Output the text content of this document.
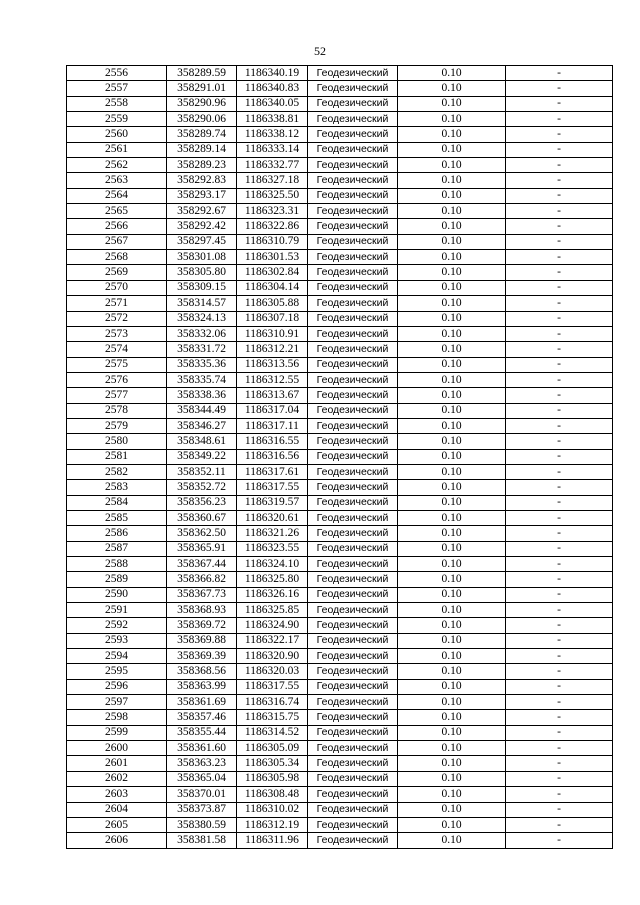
52
2556	358289.59	1186340.19	Геодезический	0.10	-
2557	358291.01	1186340.83	Геодезический	0.10	-
2558	358290.96	1186340.05	Геодезический	0.10	-
2559	358290.06	1186338.81	Геодезический	0.10	-
2560	358289.74	1186338.12	Геодезический	0.10	-
2561	358289.14	1186333.14	Геодезический	0.10	-
2562	358289.23	1186332.77	Геодезический	0.10	-
2563	358292.83	1186327.18	Геодезический	0.10	-
2564	358293.17	1186325.50	Геодезический	0.10	-
2565	358292.67	1186323.31	Геодезический	0.10	-
2566	358292.42	1186322.86	Геодезический	0.10	-
2567	358297.45	1186310.79	Геодезический	0.10	-
2568	358301.08	1186301.53	Геодезический	0.10	-
2569	358305.80	1186302.84	Геодезический	0.10	-
2570	358309.15	1186304.14	Геодезический	0.10	-
2571	358314.57	1186305.88	Геодезический	0.10	-
2572	358324.13	1186307.18	Геодезический	0.10	-
2573	358332.06	1186310.91	Геодезический	0.10	-
2574	358331.72	1186312.21	Геодезический	0.10	-
2575	358335.36	1186313.56	Геодезический	0.10	-
2576	358335.74	1186312.55	Геодезический	0.10	-
2577	358338.36	1186313.67	Геодезический	0.10	-
2578	358344.49	1186317.04	Геодезический	0.10	-
2579	358346.27	1186317.11	Геодезический	0.10	-
2580	358348.61	1186316.55	Геодезический	0.10	-
2581	358349.22	1186316.56	Геодезический	0.10	-
2582	358352.11	1186317.61	Геодезический	0.10	-
2583	358352.72	1186317.55	Геодезический	0.10	-
2584	358356.23	1186319.57	Геодезический	0.10	-
2585	358360.67	1186320.61	Геодезический	0.10	-
2586	358362.50	1186321.26	Геодезический	0.10	-
2587	358365.91	1186323.55	Геодезический	0.10	-
2588	358367.44	1186324.10	Геодезический	0.10	-
2589	358366.82	1186325.80	Геодезический	0.10	-
2590	358367.73	1186326.16	Геодезический	0.10	-
2591	358368.93	1186325.85	Геодезический	0.10	-
2592	358369.72	1186324.90	Геодезический	0.10	-
2593	358369.88	1186322.17	Геодезический	0.10	-
2594	358369.39	1186320.90	Геодезический	0.10	-
2595	358368.56	1186320.03	Геодезический	0.10	-
2596	358363.99	1186317.55	Геодезический	0.10	-
2597	358361.69	1186316.74	Геодезический	0.10	-
2598	358357.46	1186315.75	Геодезический	0.10	-
2599	358355.44	1186314.52	Геодезический	0.10	-
2600	358361.60	1186305.09	Геодезический	0.10	-
2601	358363.23	1186305.34	Геодезический	0.10	-
2602	358365.04	1186305.98	Геодезический	0.10	-
2603	358370.01	1186308.48	Геодезический	0.10	-
2604	358373.87	1186310.02	Геодезический	0.10	-
2605	358380.59	1186312.19	Геодезический	0.10	-
2606	358381.58	1186311.96	Геодезический	0.10	-
